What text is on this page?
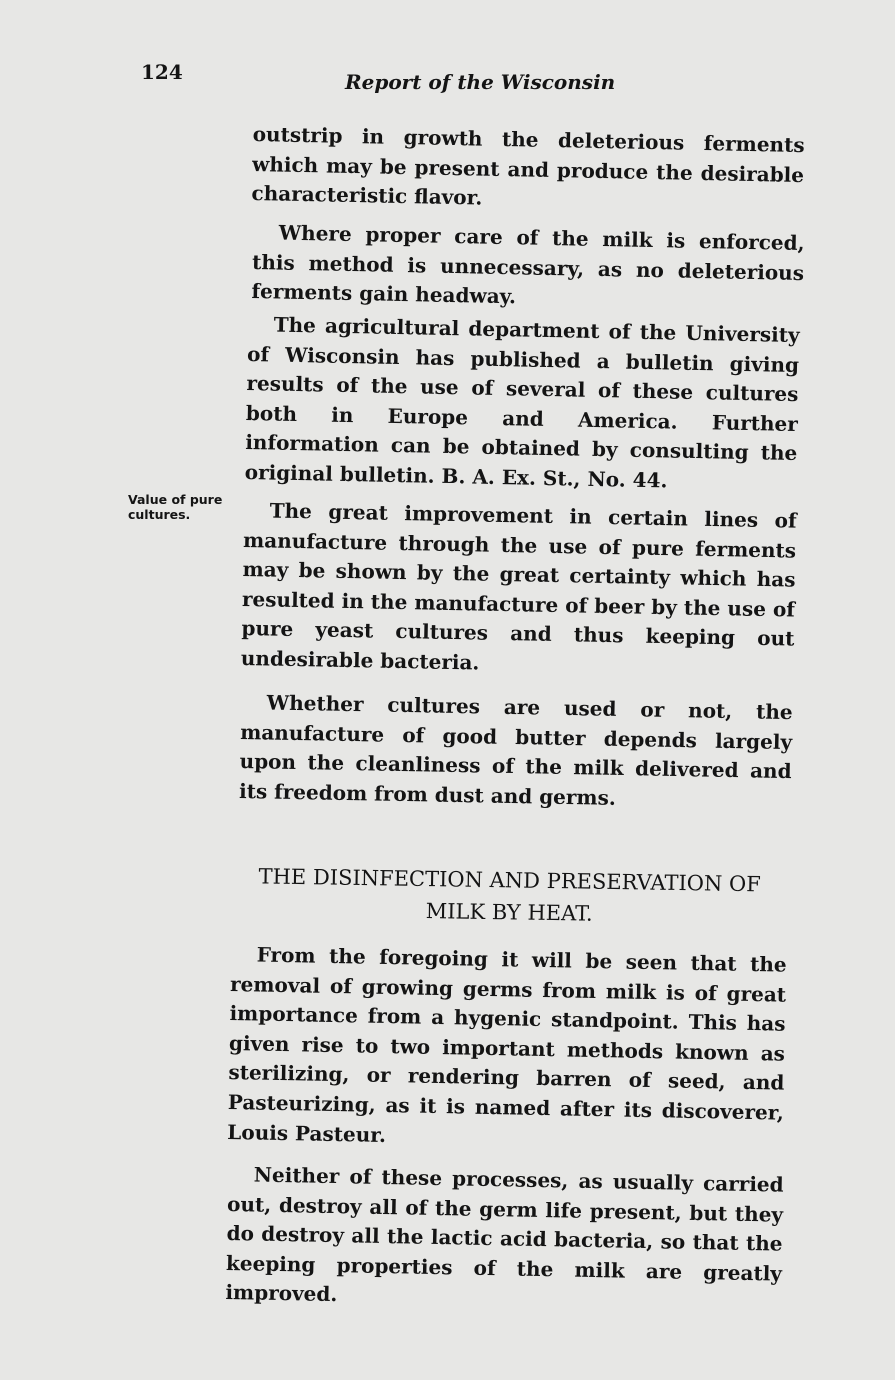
124	Report of the Wisconsin

outstrip in growth the deleterious ferments which may be present and produce the desirable characteristic flavor.

Where proper care of the milk is enforced, this method is unnecessary, as no deleterious ferments gain headway.

The agricultural department of the University of Wisconsin has published a bulletin giving results of the use of several of these cultures both in Europe and America. Further information can be obtained by consulting the original bulletin. B. A. Ex. St., No. 44.

Value of pure
cultures.	The great improvement in certain lines of manufacture through the use of pure ferments may be shown by the great certainty which has resulted in the manufacture of beer by the use of pure yeast cultures and thus keeping out undesirable bacteria.

Whether cultures are used or not, the manufacture of good butter depends largely upon the cleanliness of the milk delivered and its freedom from dust and germs.

THE DISINFECTION AND PRESERVATION OF MILK BY HEAT.

From the foregoing it will be seen that the removal of growing germs from milk is of great importance from a hygenic standpoint. This has given rise to two important methods known as sterilizing, or rendering barren of seed, and Pasteurizing, as it is named after its discoverer, Louis Pasteur.

Neither of these processes, as usually carried out, destroy all of the germ life present, but they do destroy all the lactic acid bacteria, so that the keeping properties of the milk are greatly improved.
